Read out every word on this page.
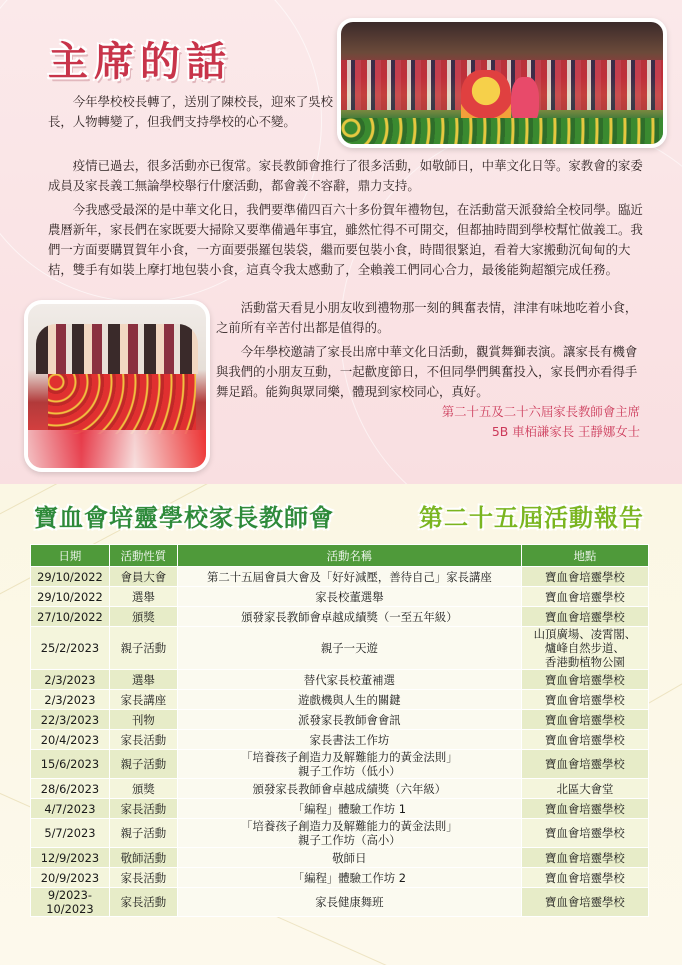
主席的話

今年學校校長轉了，送別了陳校長，迎來了吳校長，人物轉變了，但我們支持學校的心不變。

疫情已過去，很多活動亦已復常。家長教師會推行了很多活動，如敬師日，中華文化日等。家教會的家委成員及家長義工無論學校舉行什麼活動，都會義不容辭，鼎力支持。

今我感受最深的是中華文化日，我們要準備四百六十多份賀年禮物包，在活動當天派發給全校同學。臨近農曆新年，家長們在家既要大掃除又要準備過年事宜，雖然忙得不可開交，但都抽時間到學校幫忙做義工。我們一方面要購買賀年小食，一方面要張羅包裝袋，繼而要包裝小食，時間很緊迫，看着大家搬動沉甸甸的大桔，雙手有如裝上摩打地包裝小食，這真令我太感動了，全賴義工們同心合力，最後能夠超額完成任務。

活動當天看見小朋友收到禮物那一刻的興奮表情，津津有味地吃着小食，之前所有辛苦付出都是值得的。

今年學校邀請了家長出席中華文化日活動，觀賞舞獅表演。讓家長有機會與我們的小朋友互動，一起歡度節日，不但同學們興奮投入，家長們亦看得手舞足蹈。能夠與眾同樂，體現到家校同心，真好。

第二十五及二十六屆家長教師會主席
5B 車栢謙家長 王靜娜女士
寶血會培靈學校家長教師會	第二十五屆活動報告
日期	活動性質	活動名稱	地點
29/10/2022	會員大會	第二十五屆會員大會及「好好減壓，善待自己」家長講座	寶血會培靈學校
29/10/2022	選舉	家長校董選舉	寶血會培靈學校
27/10/2022	頒獎	頒發家長教師會卓越成績獎（一至五年級）	寶血會培靈學校
25/2/2023	親子活動	親子一天遊	山頂廣場、凌霄閣、
爐峰自然步道、
香港動植物公園
2/3/2023	選舉	替代家長校董補選	寶血會培靈學校
2/3/2023	家長講座	遊戲機與人生的關鍵	寶血會培靈學校
22/3/2023	刊物	派發家長教師會會訊	寶血會培靈學校
20/4/2023	家長活動	家長書法工作坊	寶血會培靈學校
15/6/2023	親子活動	「培養孩子創造力及解難能力的黃金法則」
親子工作坊（低小）	寶血會培靈學校
28/6/2023	頒獎	頒發家長教師會卓越成績獎（六年級）	北區大會堂
4/7/2023	家長活動	「編程」體驗工作坊 1	寶血會培靈學校
5/7/2023	親子活動	「培養孩子創造力及解難能力的黃金法則」
親子工作坊（高小）	寶血會培靈學校
12/9/2023	敬師活動	敬師日	寶血會培靈學校
20/9/2023	家長活動	「編程」體驗工作坊 2	寶血會培靈學校
9/2023-
10/2023	家長活動	家長健康舞班	寶血會培靈學校
